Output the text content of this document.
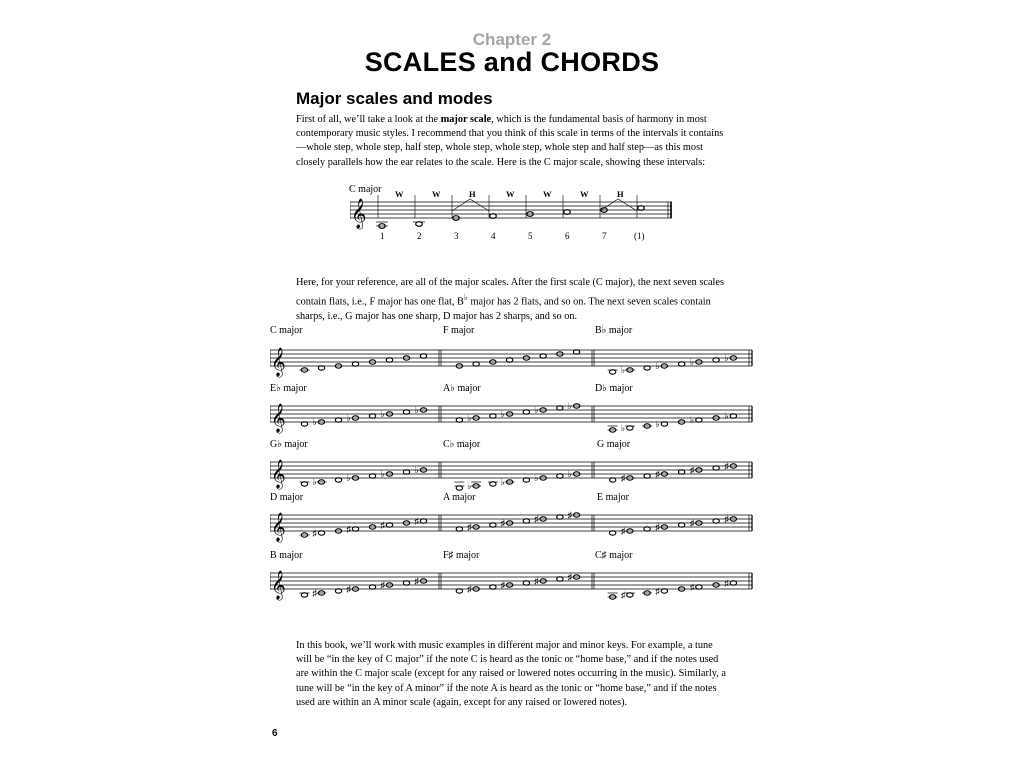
Chapter 2
SCALES and CHORDS
Major scales and modes
First of all, we’ll take a look at the major scale, which is the fundamental basis of harmony in most contemporary music styles. I recommend that you think of this scale in terms of the intervals it contains—whole step, whole step, half step, whole step, whole step, whole step and half step—as this most closely parallels how the ear relates to the scale. Here is the C major scale, showing these intervals:
C major
𝄞
W	W	H	W	W	W	H
1	2	3	4	5	6	7	(1)
Here, for your reference, are all of the major scales. After the first scale (C major), the next seven scales contain flats, i.e., F major has one flat, B♭ major has 2 flats, and so on. The next seven scales contain sharps, i.e., G major has one sharp, D major has 2 sharps, and so on.
C major	F major	B♭ major
E♭ major	A♭ major	D♭ major
G♭ major	C♭ major	G major
D major	A major	E major
B major	F♯ major	C♯ major
𝄞	♭	♭	♭	♭
𝄞	♭	♭	♭	♭
♭	♭	♭	♭
♭	♭	♭	♭
𝄞	♭	♭	♭	♭
♭	♭	♭	♭	♯	♯	♯	♯
𝄞	♯	♯	♯	♯
♯	♯	♯	♯
♯	♯	♯	♯
𝄞	♯	♯	♯	♯
♯	♯	♯	♯
♯	♯	♯	♯
In this book, we’ll work with music examples in different major and minor keys. For example, a tune will be “in the key of C major” if the note C is heard as the tonic or “home base,” and if the notes used are within the C major scale (except for any raised or lowered notes occurring in the music). Similarly, a tune will be “in the key of A minor” if the note A is heard as the tonic or “home base,” and if the notes used are within an A minor scale (again, except for any raised or lowered notes).
6
